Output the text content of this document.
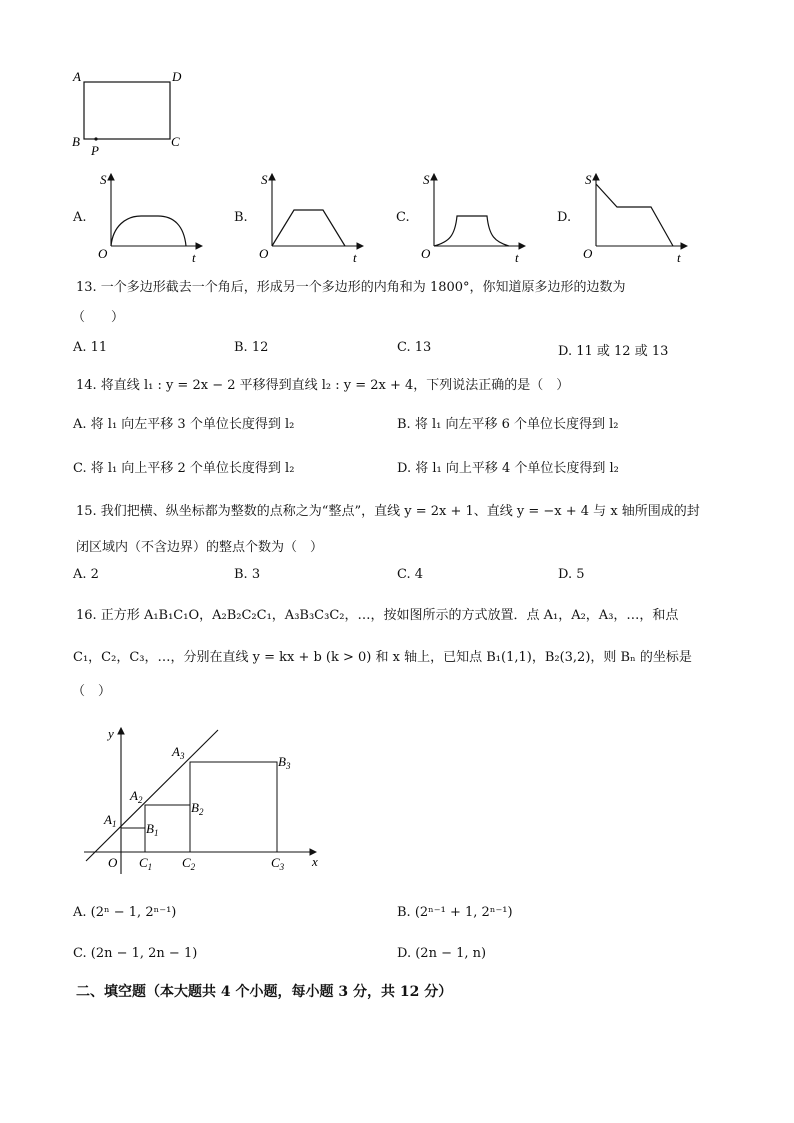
A	D
B	C
P
A.
S
O	t
B.
S
O	t
C.
S
O	t
D.
S
O	t
13. 一个多边形截去一个角后，形成另一个多边形的内角和为 1800°，你知道原多边形的边数为
（　　）
A. 11	B. 12	C. 13	D. 11 或 12 或 13
14. 将直线 l₁ : y = 2x − 2 平移得到直线 l₂ : y = 2x + 4，下列说法正确的是（　）
A. 将 l₁ 向左平移 3 个单位长度得到 l₂	B. 将 l₁ 向左平移 6 个单位长度得到 l₂
C. 将 l₁ 向上平移 2 个单位长度得到 l₂	D. 将 l₁ 向上平移 4 个单位长度得到 l₂
15. 我们把横、纵坐标都为整数的点称之为“整点”，直线 y = 2x + 1、直线 y = −x + 4 与 x 轴所围成的封
闭区域内（不含边界）的整点个数为（　）
A. 2	B. 3	C. 4	D. 5
16. 正方形 A₁B₁C₁O，A₂B₂C₂C₁，A₃B₃C₃C₂，…，按如图所示的方式放置．点 A₁，A₂，A₃，…，和点
C₁，C₂，C₃，…，分别在直线 y = kx + b (k > 0) 和 x 轴上，已知点 B₁(1,1)，B₂(3,2)，则 Bₙ 的坐标是
（　）
y
x
O
$A_1$
$A_2$
$A_3$
$B_1$
$B_2$
$B_3$
$C_1$ $C_2$	$C_3$
A. (2ⁿ − 1, 2ⁿ⁻¹)	B. (2ⁿ⁻¹ + 1, 2ⁿ⁻¹)
C. (2n − 1, 2n − 1)	D. (2n − 1, n)
二、填空题（本大题共 4 个小题，每小题 3 分，共 12 分）
